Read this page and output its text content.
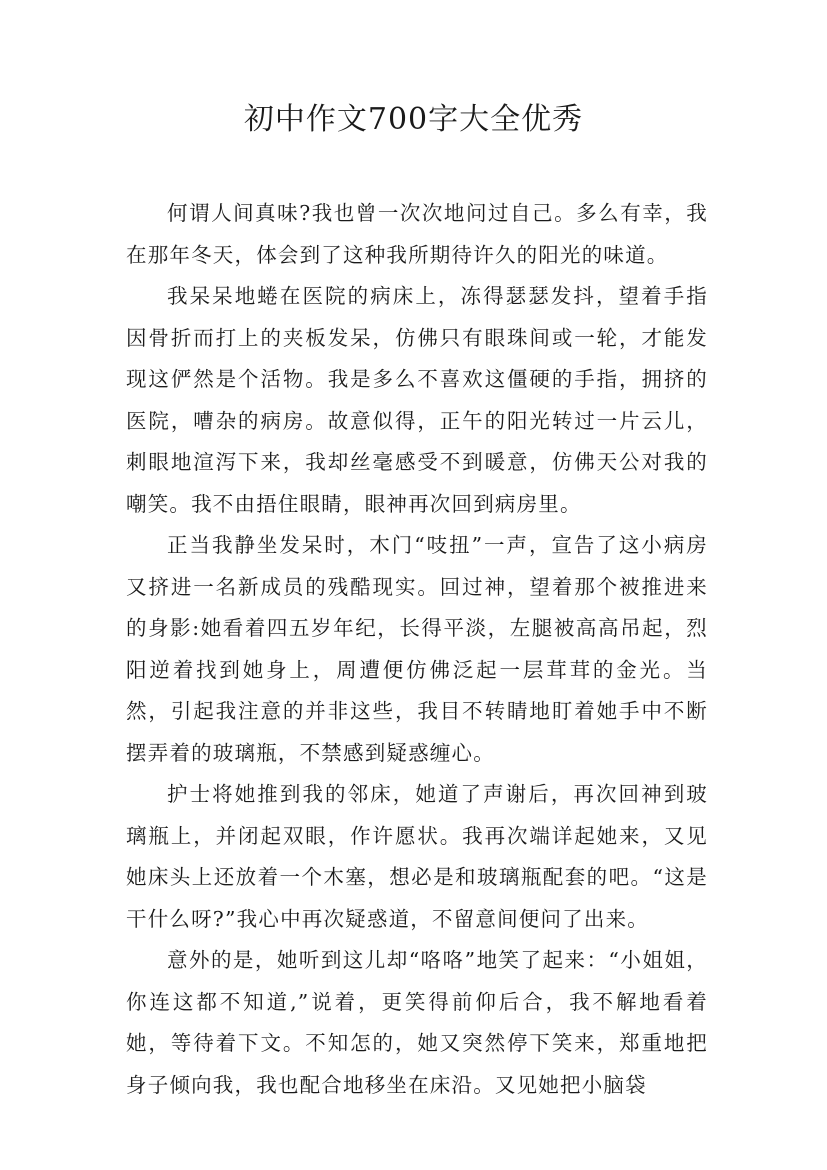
初中作文700字大全优秀

何谓人间真味?我也曾一次次地问过自己。多么有幸，我在那年冬天，体会到了这种我所期待许久的阳光的味道。

我呆呆地蜷在医院的病床上，冻得瑟瑟发抖，望着手指因骨折而打上的夹板发呆，仿佛只有眼珠间或一轮，才能发现这俨然是个活物。我是多么不喜欢这僵硬的手指，拥挤的医院，嘈杂的病房。故意似得，正午的阳光转过一片云儿，刺眼地渲泻下来，我却丝毫感受不到暖意，仿佛天公对我的嘲笑。我不由捂住眼睛，眼神再次回到病房里。

正当我静坐发呆时，木门“吱扭”一声，宣告了这小病房又挤进一名新成员的残酷现实。回过神，望着那个被推进来的身影:她看着四五岁年纪，长得平淡，左腿被高高吊起，烈阳逆着找到她身上，周遭便仿佛泛起一层茸茸的金光。当然，引起我注意的并非这些，我目不转睛地盯着她手中不断摆弄着的玻璃瓶，不禁感到疑惑缠心。

护士将她推到我的邻床，她道了声谢后，再次回神到玻璃瓶上，并闭起双眼，作许愿状。我再次端详起她来，又见她床头上还放着一个木塞，想必是和玻璃瓶配套的吧。“这是干什么呀?”我心中再次疑惑道，不留意间便问了出来。

意外的是，她听到这儿却“咯咯”地笑了起来：“小姐姐，你连这都不知道,”说着，更笑得前仰后合，我不解地看着她，等待着下文。不知怎的，她又突然停下笑来，郑重地把身子倾向我，我也配合地移坐在床沿。又见她把小脑袋
